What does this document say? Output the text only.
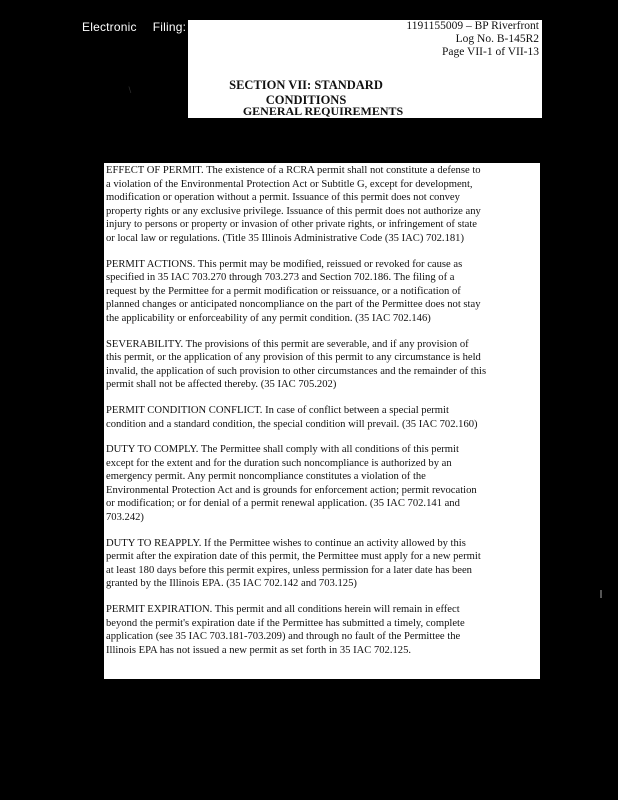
Electronic Filing:
∖
1191155009 – BP Riverfront
Log No. B-145R2
Page VII-1 of VII-13
SECTION VII: STANDARD CONDITIONS
GENERAL REQUIREMENTS
EFFECT OF PERMIT. The existence of a RCRA permit shall not constitute a defense to
a violation of the Environmental Protection Act or Subtitle G, except for development,
modification or operation without a permit. Issuance of this permit does not convey
property rights or any exclusive privilege. Issuance of this permit does not authorize any
injury to persons or property or invasion of other private rights, or infringement of state
or local law or regulations. (Title 35 Illinois Administrative Code (35 IAC) 702.181)
PERMIT ACTIONS. This permit may be modified, reissued or revoked for cause as
specified in 35 IAC 703.270 through 703.273 and Section 702.186. The filing of a
request by the Permittee for a permit modification or reissuance, or a notification of
planned changes or anticipated noncompliance on the part of the Permittee does not stay
the applicability or enforceability of any permit condition. (35 IAC 702.146)
SEVERABILITY. The provisions of this permit are severable, and if any provision of
this permit, or the application of any provision of this permit to any circumstance is held
invalid, the application of such provision to other circumstances and the remainder of this
permit shall not be affected thereby. (35 IAC 705.202)
PERMIT CONDITION CONFLICT. In case of conflict between a special permit
condition and a standard condition, the special condition will prevail. (35 IAC 702.160)
DUTY TO COMPLY. The Permittee shall comply with all conditions of this permit
except for the extent and for the duration such noncompliance is authorized by an
emergency permit. Any permit noncompliance constitutes a violation of the
Environmental Protection Act and is grounds for enforcement action; permit revocation
or modification; or for denial of a permit renewal application. (35 IAC 702.141 and
703.242)
DUTY TO REAPPLY. If the Permittee wishes to continue an activity allowed by this
permit after the expiration date of this permit, the Permittee must apply for a new permit
at least 180 days before this permit expires, unless permission for a later date has been
granted by the Illinois EPA. (35 IAC 702.142 and 703.125)
PERMIT EXPIRATION. This permit and all conditions herein will remain in effect
beyond the permit's expiration date if the Permittee has submitted a timely, complete
application (see 35 IAC 703.181-703.209) and through no fault of the Permittee the
Illinois EPA has not issued a new permit as set forth in 35 IAC 702.125.
